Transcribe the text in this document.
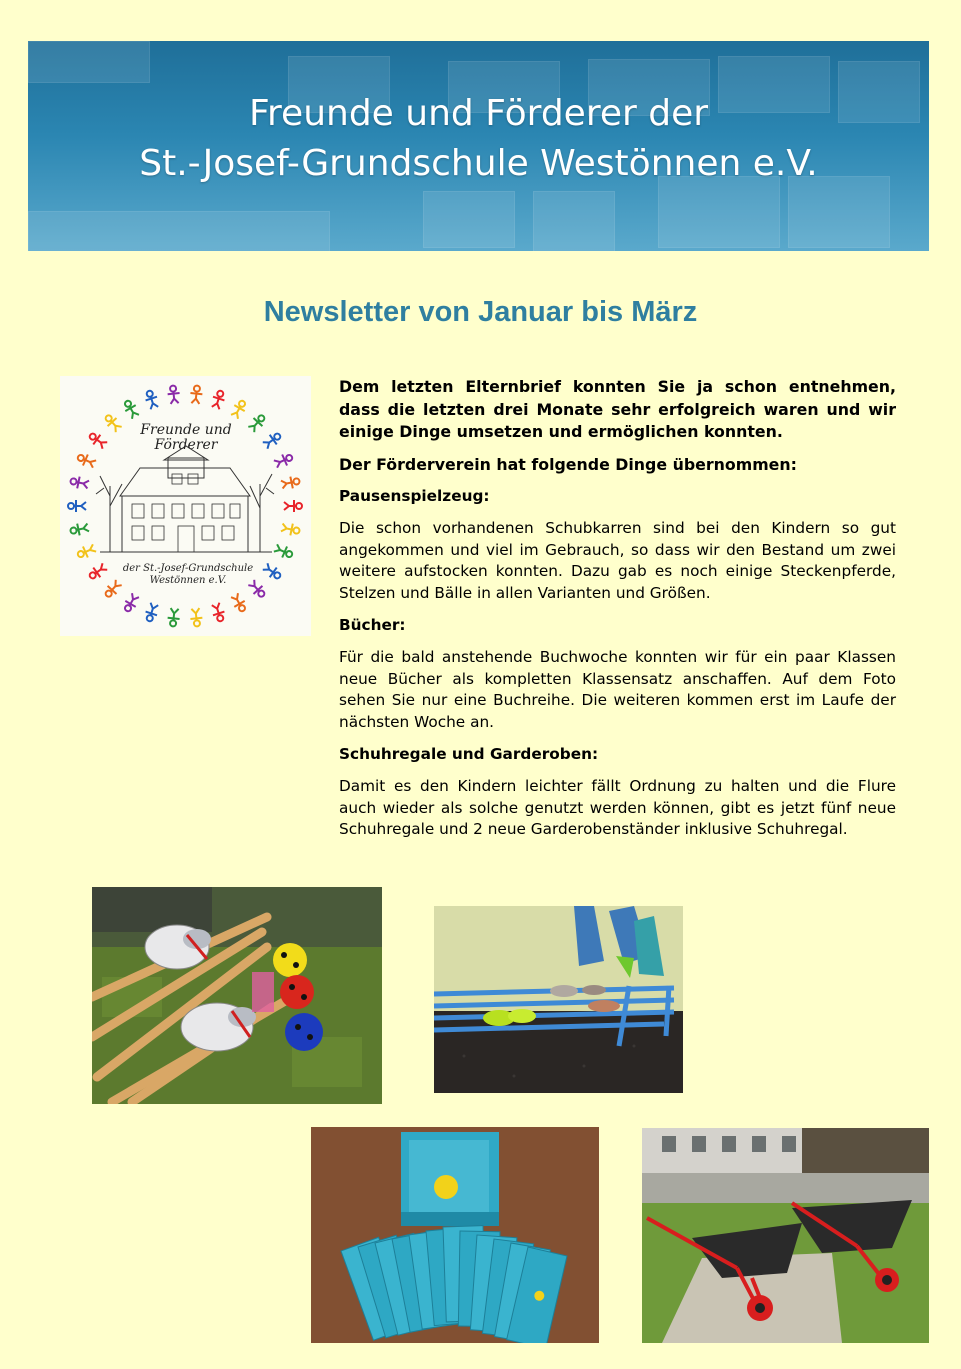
Freunde und Förderer der
St.-Josef-Grundschule Westönnen e.V.
Newsletter von Januar bis März
Freunde und
Förderer
der St.-Josef-Grundschule
Westönnen e.V.

Dem letzten Elternbrief konnten Sie ja schon entnehmen, dass die letzten drei Monate sehr erfolgreich waren und wir einige Dinge umsetzen und ermöglichen konnten.

Der Förderverein hat folgende Dinge übernommen:

Pausenspielzeug:

Die schon vorhandenen Schubkarren sind bei den Kindern so gut angekommen und viel im Gebrauch, so dass wir den Bestand um zwei weitere aufstocken konnten. Dazu gab es noch einige Steckenpferde, Stelzen und Bälle in allen Varianten und Größen.

Bücher:

Für die bald anstehende Buchwoche konnten wir für ein paar Klassen neue Bücher als kompletten Klassensatz anschaffen. Auf dem Foto sehen Sie nur eine Buchreihe. Die weiteren kommen erst im Laufe der nächsten Woche an.

Schuhregale und Garderoben:

Damit es den Kindern leichter fällt Ordnung zu halten und die Flure auch wieder als solche genutzt werden können, gibt es jetzt fünf neue Schuhregale und 2 neue Garderobenständer inklusive Schuhregal.
